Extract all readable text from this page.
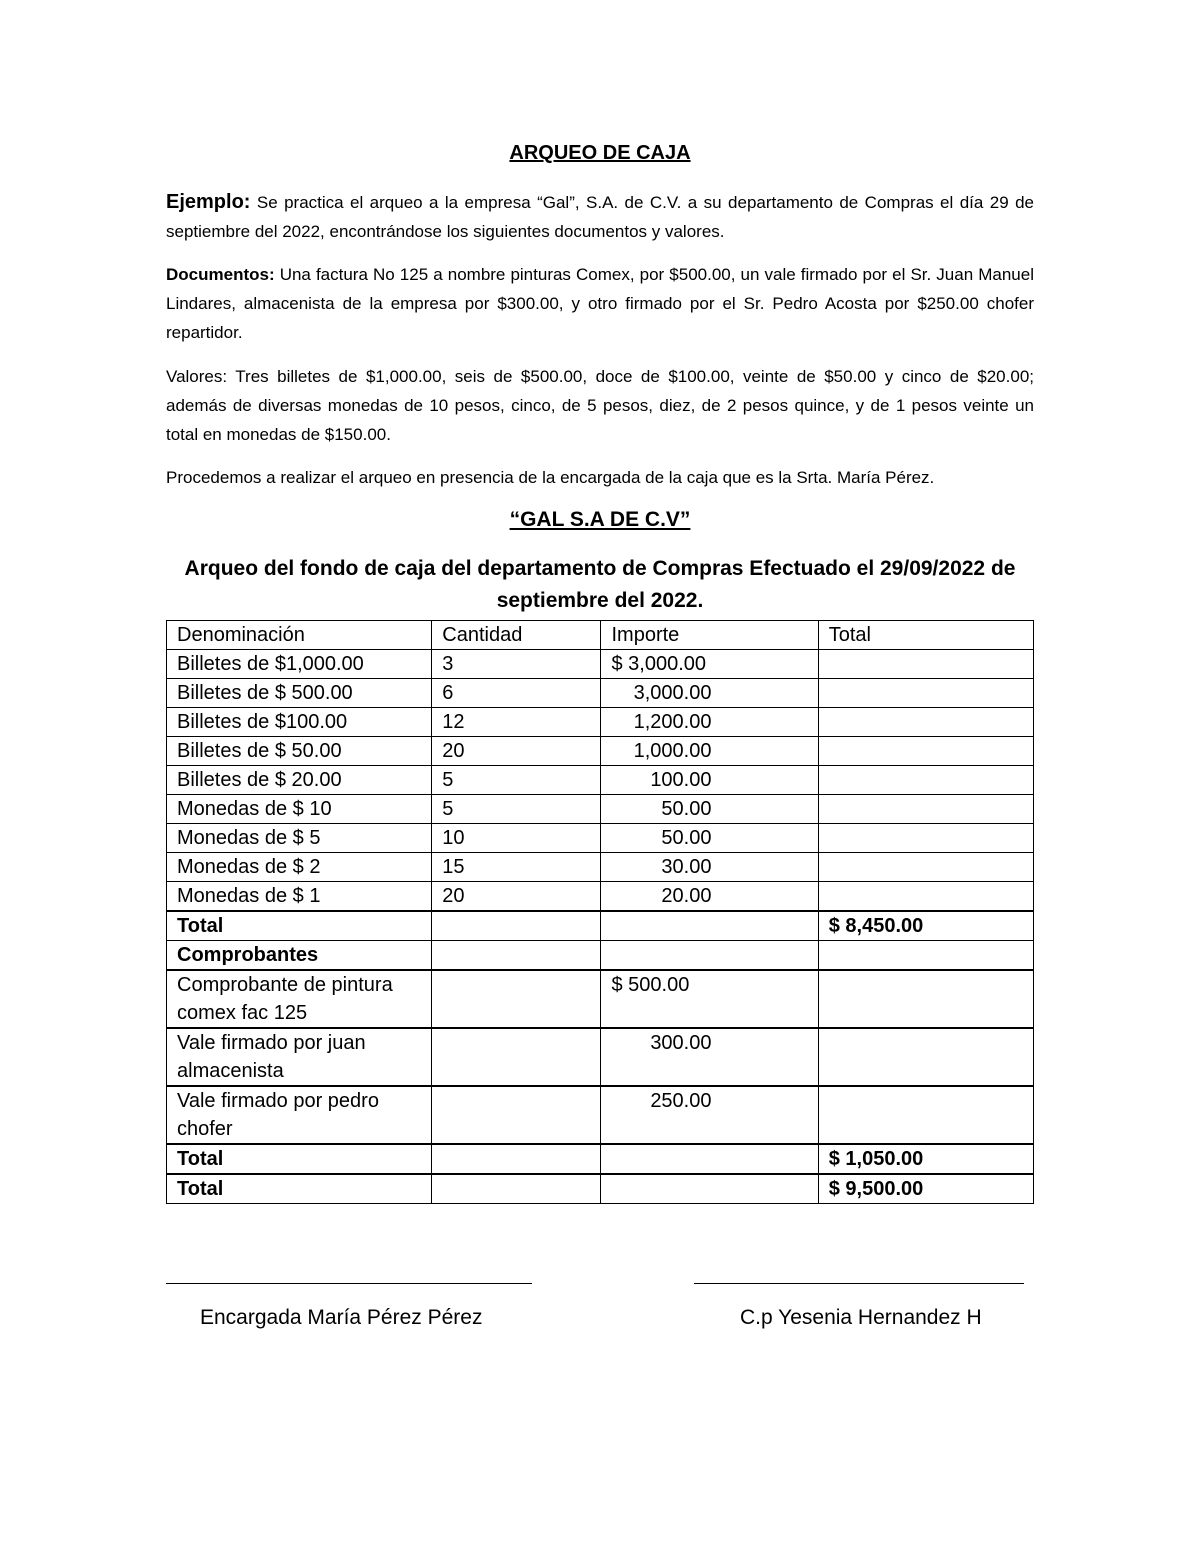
ARQUEO DE CAJA

Ejemplo: Se practica el arqueo a la empresa “Gal”, S.A. de C.V. a su departamento de Compras el día 29 de septiembre del 2022, encontrándose los siguientes documentos y valores.

Documentos: Una factura No 125 a nombre pinturas Comex, por $500.00, un vale firmado por el Sr. Juan Manuel Lindares, almacenista de la empresa por $300.00, y otro firmado por el Sr. Pedro Acosta por $250.00 chofer repartidor.

Valores: Tres billetes de $1,000.00, seis de $500.00, doce de $100.00, veinte de $50.00 y cinco de $20.00; además de diversas monedas de 10 pesos, cinco, de 5 pesos, diez, de 2 pesos quince, y de 1 pesos veinte un total en monedas de $150.00.

Procedemos a realizar el arqueo en presencia de la encargada de la caja que es la Srta. María Pérez.

“GAL S.A DE C.V”
Arqueo del fondo de caja del departamento de Compras Efectuado el 29/09/2022 de septiembre del 2022.
Denominación	Cantidad	Importe	Total
Billetes de $1,000.00	3	$ 3,000.00	
Billetes de $ 500.00	6	3,000.00	
Billetes de $100.00	12	1,200.00	
Billetes de $ 50.00	20	1,000.00	
Billetes de $ 20.00	5	100.00	
Monedas de $ 10	5	50.00	
Monedas de $ 5	10	50.00	
Monedas de $ 2	15	30.00	
Monedas de $ 1	20	20.00	
Total			$ 8,450.00
Comprobantes			
Comprobante de pintura comex fac 125		$ 500.00	
Vale firmado por juan almacenista		300.00	
Vale firmado por pedro chofer		250.00	
Total			$ 1,050.00
Total			$ 9,500.00
Encargada María Pérez Pérez	C.p Yesenia Hernandez H
